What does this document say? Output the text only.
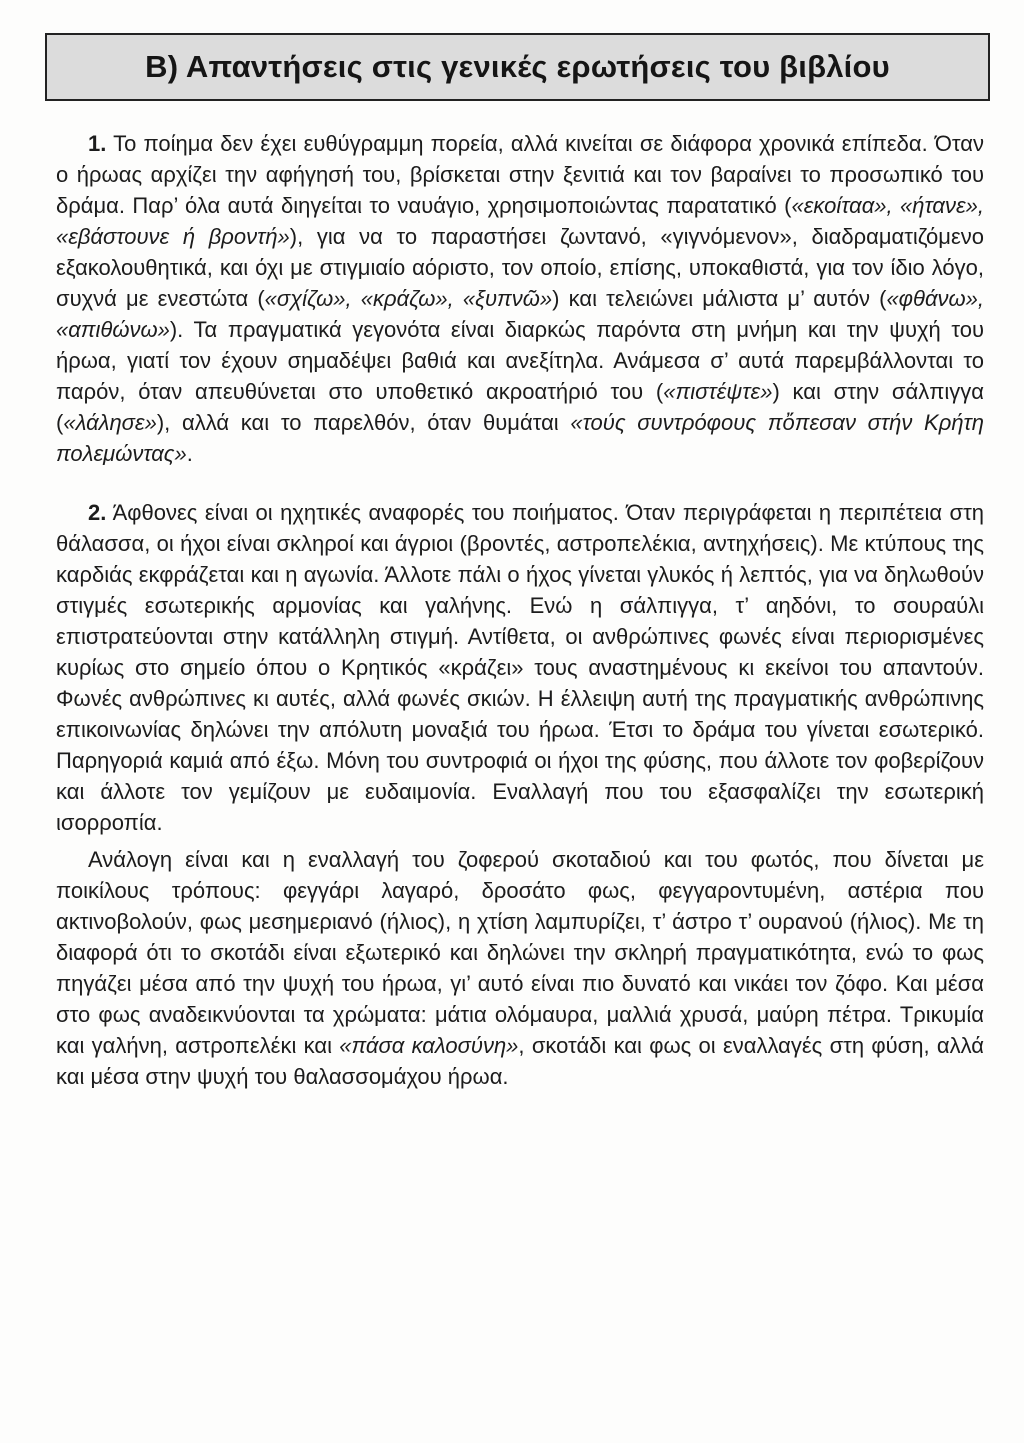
Β) Απαντήσεις στις γενικές ερωτήσεις του βιβλίου

1. Το ποίημα δεν έχει ευθύγραμμη πορεία, αλλά κινείται σε διάφορα χρονικά επίπεδα. Όταν ο ήρωας αρχίζει την αφήγησή του, βρίσκεται στην ξενιτιά και τον βαραίνει το προσωπικό του δράμα. Παρ’ όλα αυτά διηγείται το ναυάγιο, χρησιμοποιώντας παρατατικό («εκοίταα», «ήτανε», «εβάστουνε ή βροντή»), για να το παραστήσει ζωντανό, «γιγνόμενον», διαδραματιζόμενο εξακολουθητικά, και όχι με στιγμιαίο αόριστο, τον οποίο, επίσης, υποκαθιστά, για τον ίδιο λόγο, συχνά με ενεστώτα («σχίζω», «κράζω», «ξυπνῶ») και τελειώνει μάλιστα μ’ αυτόν («φθάνω», «απιθώνω»). Τα πραγματικά γεγονότα είναι διαρκώς παρόντα στη μνήμη και την ψυχή του ήρωα, γιατί τον έχουν σημαδέψει βαθιά και ανεξίτηλα. Ανάμεσα σ’ αυτά παρεμβάλλονται το παρόν, όταν απευθύνεται στο υποθετικό ακροατήριό του («πιστέψτε») και στην σάλπιγγα («λάλησε»), αλλά και το παρελθόν, όταν θυμάται «τούς συντρόφους πὄπεσαν στήν Κρήτη πολεμώντας».

2. Άφθονες είναι οι ηχητικές αναφορές του ποιήματος. Όταν περιγράφεται η περιπέτεια στη θάλασσα, οι ήχοι είναι σκληροί και άγριοι (βροντές, αστροπελέκια, αντηχήσεις). Με κτύπους της καρδιάς εκφράζεται και η αγωνία. Άλλοτε πάλι ο ήχος γίνεται γλυκός ή λεπτός, για να δηλωθούν στιγμές εσωτερικής αρμονίας και γαλήνης. Ενώ η σάλπιγγα, τ’ αηδόνι, το σουραύλι επιστρατεύονται στην κατάλληλη στιγμή. Αντίθετα, οι ανθρώπινες φωνές είναι περιορισμένες κυρίως στο σημείο όπου ο Κρητικός «κράζει» τους αναστημένους κι εκείνοι του απαντούν. Φωνές ανθρώπινες κι αυτές, αλλά φωνές σκιών. Η έλλειψη αυτή της πραγματικής ανθρώπινης επικοινωνίας δηλώνει την απόλυτη μοναξιά του ήρωα. Έτσι το δράμα του γίνεται εσωτερικό. Παρηγοριά καμιά από έξω. Μόνη του συντροφιά οι ήχοι της φύσης, που άλλοτε τον φοβερίζουν και άλλοτε τον γεμίζουν με ευδαιμονία. Εναλλαγή που του εξασφαλίζει την εσωτερική ισορροπία.

Ανάλογη είναι και η εναλλαγή του ζοφερού σκοταδιού και του φωτός, που δίνεται με ποικίλους τρόπους: φεγγάρι λαγαρό, δροσάτο φως, φεγγαροντυμένη, αστέρια που ακτινοβολούν, φως μεσημεριανό (ήλιος), η χτίση λαμπυρίζει, τ’ άστρο τ’ ουρανού (ήλιος). Με τη διαφορά ότι το σκοτάδι είναι εξωτερικό και δηλώνει την σκληρή πραγματικότητα, ενώ το φως πηγάζει μέσα από την ψυχή του ήρωα, γι’ αυτό είναι πιο δυνατό και νικάει τον ζόφο. Και μέσα στο φως αναδεικνύονται τα χρώματα: μάτια ολόμαυρα, μαλλιά χρυσά, μαύρη πέτρα. Τρικυμία και γαλήνη, αστροπελέκι και «πάσα καλοσύνη», σκοτάδι και φως οι εναλλαγές στη φύση, αλλά και μέσα στην ψυχή του θαλασσομάχου ήρωα.
